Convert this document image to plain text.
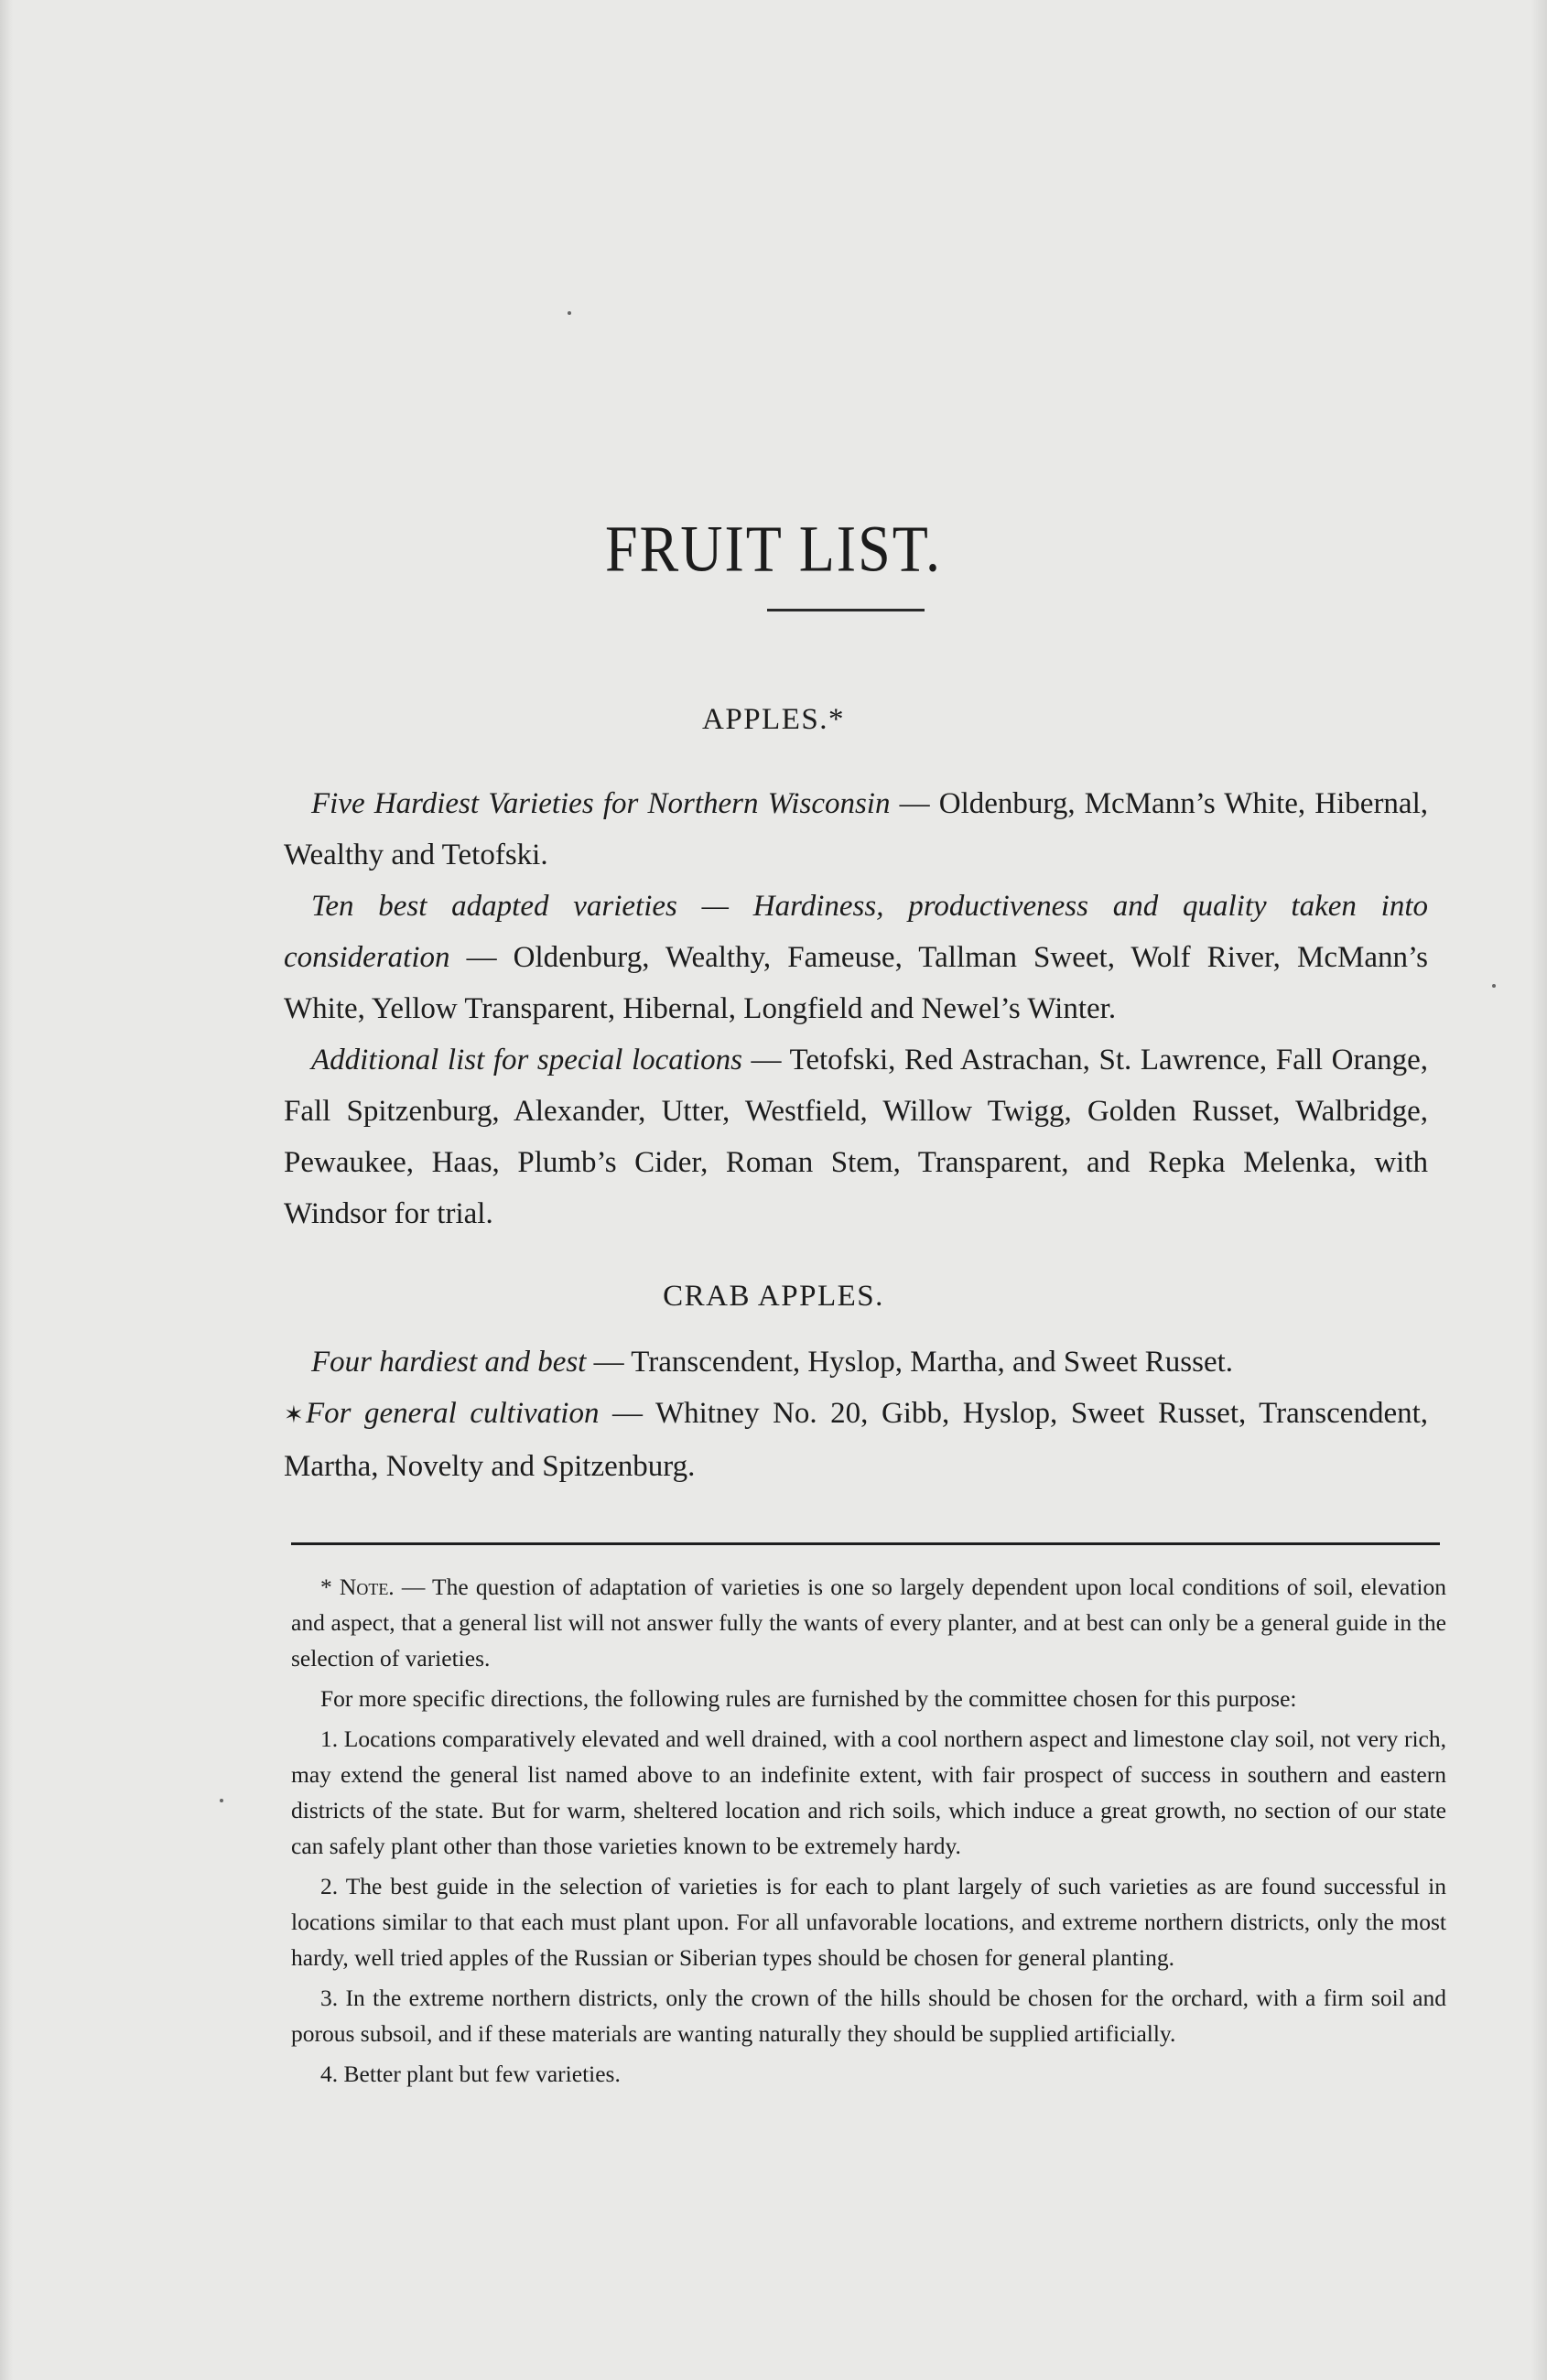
FRUIT LIST.
APPLES.*

Five Hardiest Varieties for Northern Wisconsin — Oldenburg, McMann’s White, Hibernal, Wealthy and Tetofski.

Ten best adapted varieties — Hardiness, productiveness and quality taken into consideration — Oldenburg, Wealthy, Fameuse, Tallman Sweet, Wolf River, McMann’s White, Yellow Transparent, Hibernal, Longfield and Newel’s Winter.

Additional list for special locations — Tetofski, Red Astrachan, St. Lawrence, Fall Orange, Fall Spitzenburg, Alexander, Utter, Westfield, Willow Twigg, Golden Russet, Walbridge, Pewaukee, Haas, Plumb’s Cider, Roman Stem, Transparent, and Repka Melenka, with Windsor for trial.

CRAB APPLES.

Four hardiest and best — Transcendent, Hyslop, Martha, and Sweet Russet.

✶For general cultivation — Whitney No. 20, Gibb, Hyslop, Sweet Russet, Transcendent, Martha, Novelty and Spitzenburg.

* Note. — The question of adaptation of varieties is one so largely dependent upon local conditions of soil, elevation and aspect, that a general list will not answer fully the wants of every planter, and at best can only be a general guide in the selection of varieties.

For more specific directions, the following rules are furnished by the committee chosen for this purpose:

1. Locations comparatively elevated and well drained, with a cool northern aspect and limestone clay soil, not very rich, may extend the general list named above to an indefinite extent, with fair prospect of success in southern and eastern districts of the state. But for warm, sheltered location and rich soils, which induce a great growth, no section of our state can safely plant other than those varieties known to be extremely hardy.

2. The best guide in the selection of varieties is for each to plant largely of such varieties as are found successful in locations similar to that each must plant upon. For all unfavorable locations, and extreme northern districts, only the most hardy, well tried apples of the Russian or Siberian types should be chosen for general planting.

3. In the extreme northern districts, only the crown of the hills should be chosen for the orchard, with a firm soil and porous subsoil, and if these materials are wanting naturally they should be supplied artificially.

4. Better plant but few varieties.
